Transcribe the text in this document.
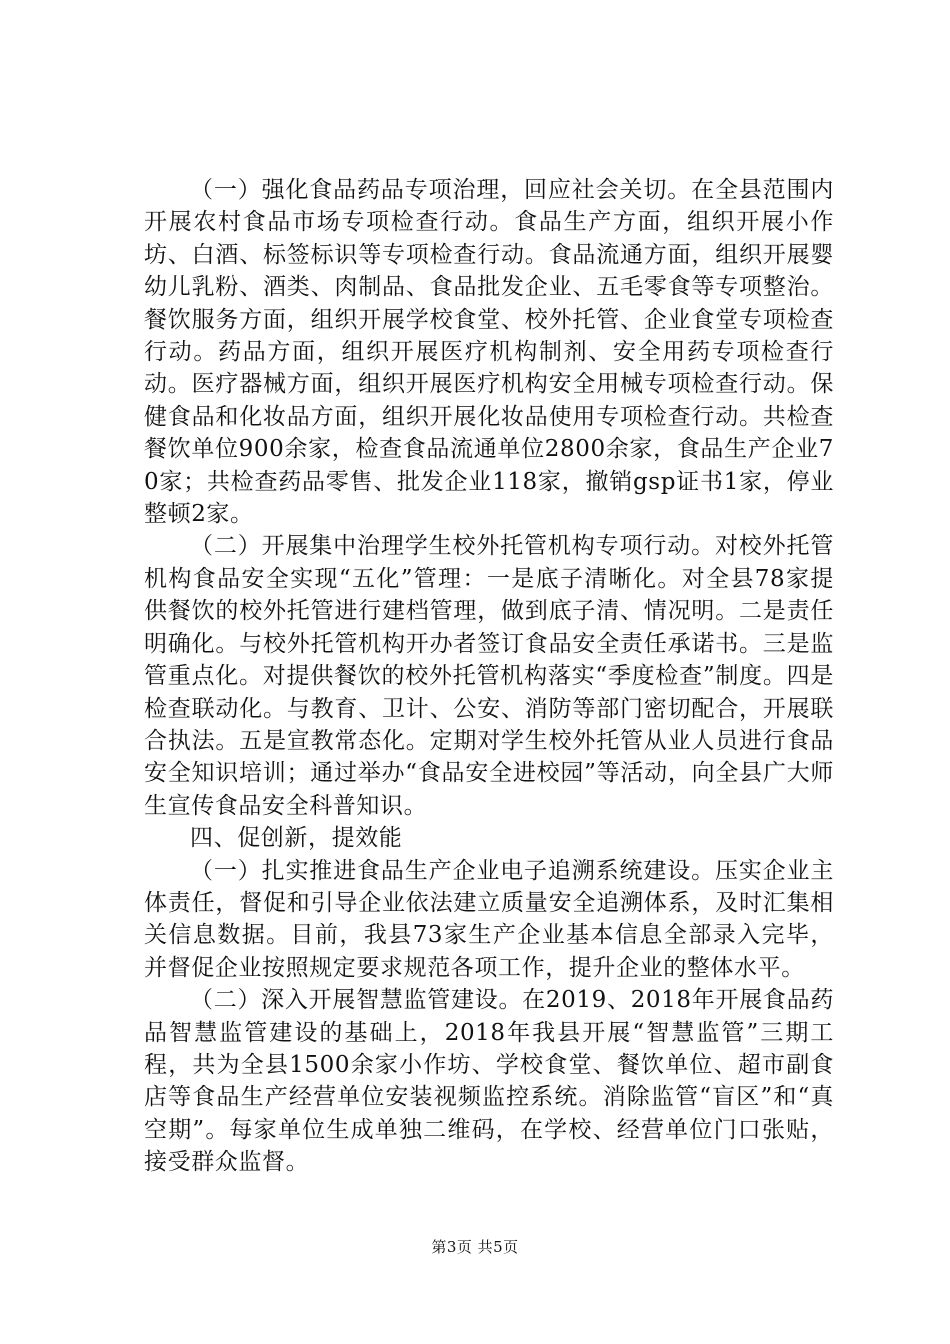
（一）强化食品药品专项治理，回应社会关切。在全县范围内开展农村食品市场专项检查行动。食品生产方面，组织开展小作坊、白酒、标签标识等专项检查行动。食品流通方面，组织开展婴幼儿乳粉、酒类、肉制品、食品批发企业、五毛零食等专项整治。餐饮服务方面，组织开展学校食堂、校外托管、企业食堂专项检查行动。药品方面，组织开展医疗机构制剂、安全用药专项检查行动。医疗器械方面，组织开展医疗机构安全用械专项检查行动。保健食品和化妆品方面，组织开展化妆品使用专项检查行动。共检查餐饮单位900余家，检查食品流通单位2800余家，食品生产企业70家；共检查药品零售、批发企业118家，撤销gsp证书1家，停业整顿2家。

（二）开展集中治理学生校外托管机构专项行动。对校外托管机构食品安全实现“五化”管理：一是底子清晰化。对全县78家提供餐饮的校外托管进行建档管理，做到底子清、情况明。二是责任明确化。与校外托管机构开办者签订食品安全责任承诺书。三是监管重点化。对提供餐饮的校外托管机构落实“季度检查”制度。四是检查联动化。与教育、卫计、公安、消防等部门密切配合，开展联合执法。五是宣教常态化。定期对学生校外托管从业人员进行食品安全知识培训；通过举办“食品安全进校园”等活动，向全县广大师生宣传食品安全科普知识。

四、促创新，提效能

（一）扎实推进食品生产企业电子追溯系统建设。压实企业主体责任，督促和引导企业依法建立质量安全追溯体系，及时汇集相关信息数据。目前，我县73家生产企业基本信息全部录入完毕，并督促企业按照规定要求规范各项工作，提升企业的整体水平。

（二）深入开展智慧监管建设。在2019、2018年开展食品药品智慧监管建设的基础上，2018年我县开展“智慧监管”三期工程，共为全县1500余家小作坊、学校食堂、餐饮单位、超市副食店等食品生产经营单位安装视频监控系统。消除监管“盲区”和“真空期”。每家单位生成单独二维码，在学校、经营单位门口张贴，接受群众监督。

第3页 共5页
